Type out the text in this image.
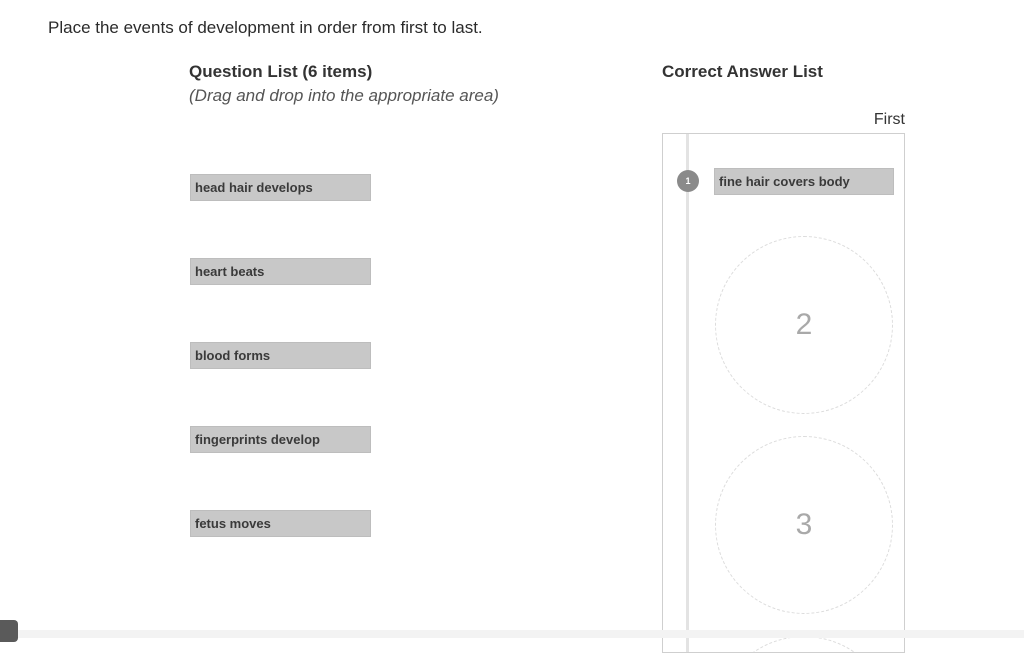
Place the events of development in order from first to last.
Question List (6 items)
(Drag and drop into the appropriate area)
Correct Answer List
First
head hair develops
heart beats
blood forms
fingerprints develop
fetus moves
1	fine hair covers body
2
3
